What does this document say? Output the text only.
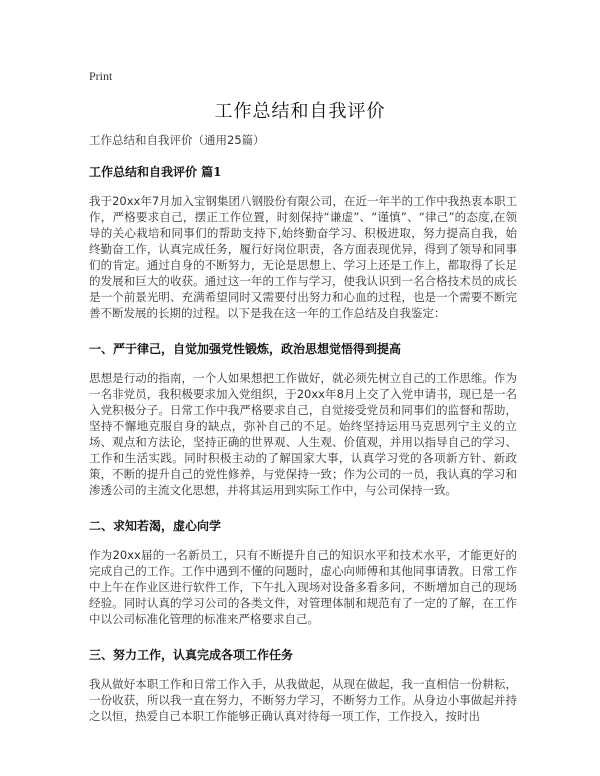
Print
工作总结和自我评价
工作总结和自我评价（通用25篇）
工作总结和自我评价 篇1

我于20xx年7月加入宝钢集团八钢股份有限公司，在近一年半的工作中我热衷本职工作，严格要求自己，摆正工作位置，时刻保持“谦虚”、“谨慎”、“律己”的态度,在领导的关心栽培和同事们的帮助支持下,始终勤奋学习、积极进取，努力提高自我，始终勤奋工作，认真完成任务，履行好岗位职责，各方面表现优异，得到了领导和同事们的肯定。通过自身的不断努力，无论是思想上、学习上还是工作上，都取得了长足的发展和巨大的收获。通过这一年的工作与学习，使我认识到一名合格技术员的成长是一个前景光明、充满希望同时又需要付出努力和心血的过程，也是一个需要不断完善不断发展的长期的过程。以下是我在这一年的工作总结及自我鉴定：

一、严于律己，自觉加强党性锻炼，政治思想觉悟得到提高

思想是行动的指南，一个人如果想把工作做好，就必须先树立自己的工作思维。作为一名非党员，我积极要求加入党组织，于20xx年8月上交了入党申请书，现已是一名入党积极分子。日常工作中我严格要求自己，自觉接受党员和同事们的监督和帮助，坚持不懈地克服自身的缺点，弥补自己的不足。始终坚持运用马克思列宁主义的立场、观点和方法论，坚持正确的世界观、人生观、价值观，并用以指导自己的学习、工作和生活实践。同时积极主动的了解国家大事，认真学习党的各项新方针、新政策，不断的提升自己的党性修养，与党保持一致；作为公司的一员，我认真的学习和渗透公司的主流文化思想，并将其运用到实际工作中，与公司保持一致。

二、求知若渴，虚心向学

作为20xx届的一名新员工，只有不断提升自己的知识水平和技术水平，才能更好的完成自己的工作。工作中遇到不懂的问题时，虚心向师傅和其他同事请教。日常工作中上午在作业区进行软件工作，下午扎入现场对设备多看多问，不断增加自己的现场经验。同时认真的学习公司的各类文件，对管理体制和规范有了一定的了解，在工作中以公司标准化管理的标准来严格要求自己。

三、努力工作，认真完成各项工作任务

我从做好本职工作和日常工作入手，从我做起，从现在做起，我一直相信一份耕耘，一份收获，所以我一直在努力，不断努力学习，不断努力工作。从身边小事做起并持之以恒，热爱自己本职工作能够正确认真对待每一项工作，工作投入，按时出
